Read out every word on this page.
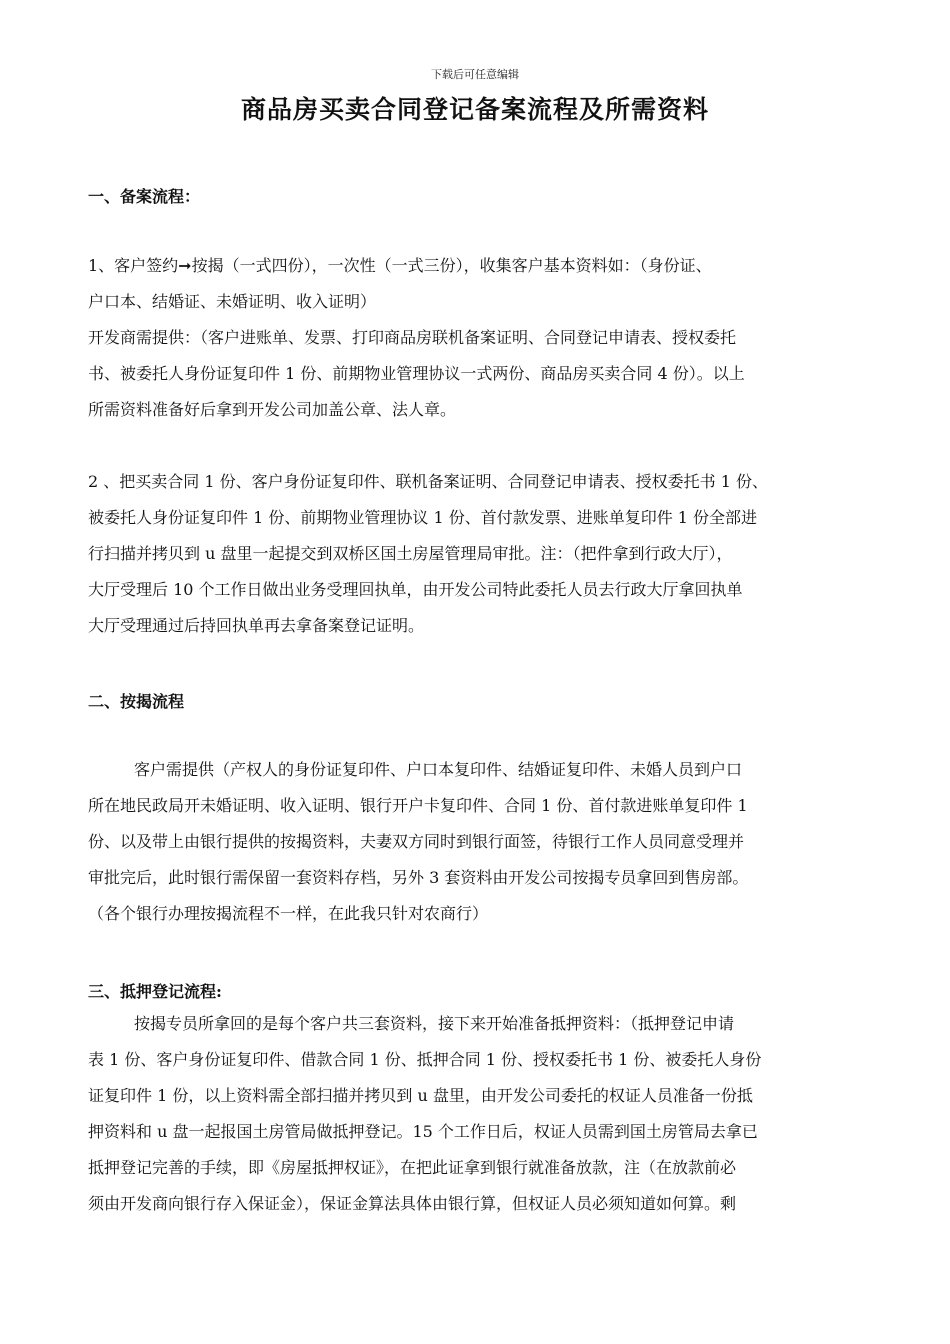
下载后可任意编辑
商品房买卖合同登记备案流程及所需资料
一、备案流程：
1、客户签约➞按揭（一式四份），一次性（一式三份），收集客户基本资料如：（身份证、
户口本、结婚证、未婚证明、收入证明）
开发商需提供：（客户进账单、发票、打印商品房联机备案证明、合同登记申请表、授权委托
书、被委托人身份证复印件 1 份、前期物业管理协议一式两份、商品房买卖合同 4 份）。以上
所需资料准备好后拿到开发公司加盖公章、法人章。
2 、把买卖合同 1 份、客户身份证复印件、联机备案证明、合同登记申请表、授权委托书 1 份、
被委托人身份证复印件 1 份、前期物业管理协议 1 份、首付款发票、进账单复印件 1 份全部进
行扫描并拷贝到 u 盘里一起提交到双桥区国土房屋管理局审批。注：（把件拿到行政大厅），
大厅受理后 10 个工作日做出业务受理回执单，由开发公司特此委托人员去行政大厅拿回执单
大厅受理通过后持回执单再去拿备案登记证明。
二、按揭流程
客户需提供（产权人的身份证复印件、户口本复印件、结婚证复印件、未婚人员到户口
所在地民政局开未婚证明、收入证明、银行开户卡复印件、合同 1 份、首付款进账单复印件 1
份、以及带上由银行提供的按揭资料，夫妻双方同时到银行面签，待银行工作人员同意受理并
审批完后，此时银行需保留一套资料存档，另外 3 套资料由开发公司按揭专员拿回到售房部。
（各个银行办理按揭流程不一样，在此我只针对农商行）
三、抵押登记流程:
按揭专员所拿回的是每个客户共三套资料，接下来开始准备抵押资料：（抵押登记申请
表 1 份、客户身份证复印件、借款合同 1 份、抵押合同 1 份、授权委托书 1 份、被委托人身份
证复印件 1 份，以上资料需全部扫描并拷贝到 u 盘里，由开发公司委托的权证人员准备一份抵
押资料和 u 盘一起报国土房管局做抵押登记。15 个工作日后，权证人员需到国土房管局去拿已
抵押登记完善的手续，即《房屋抵押权证》，在把此证拿到银行就准备放款，注（在放款前必
须由开发商向银行存入保证金），保证金算法具体由银行算，但权证人员必须知道如何算。剩
